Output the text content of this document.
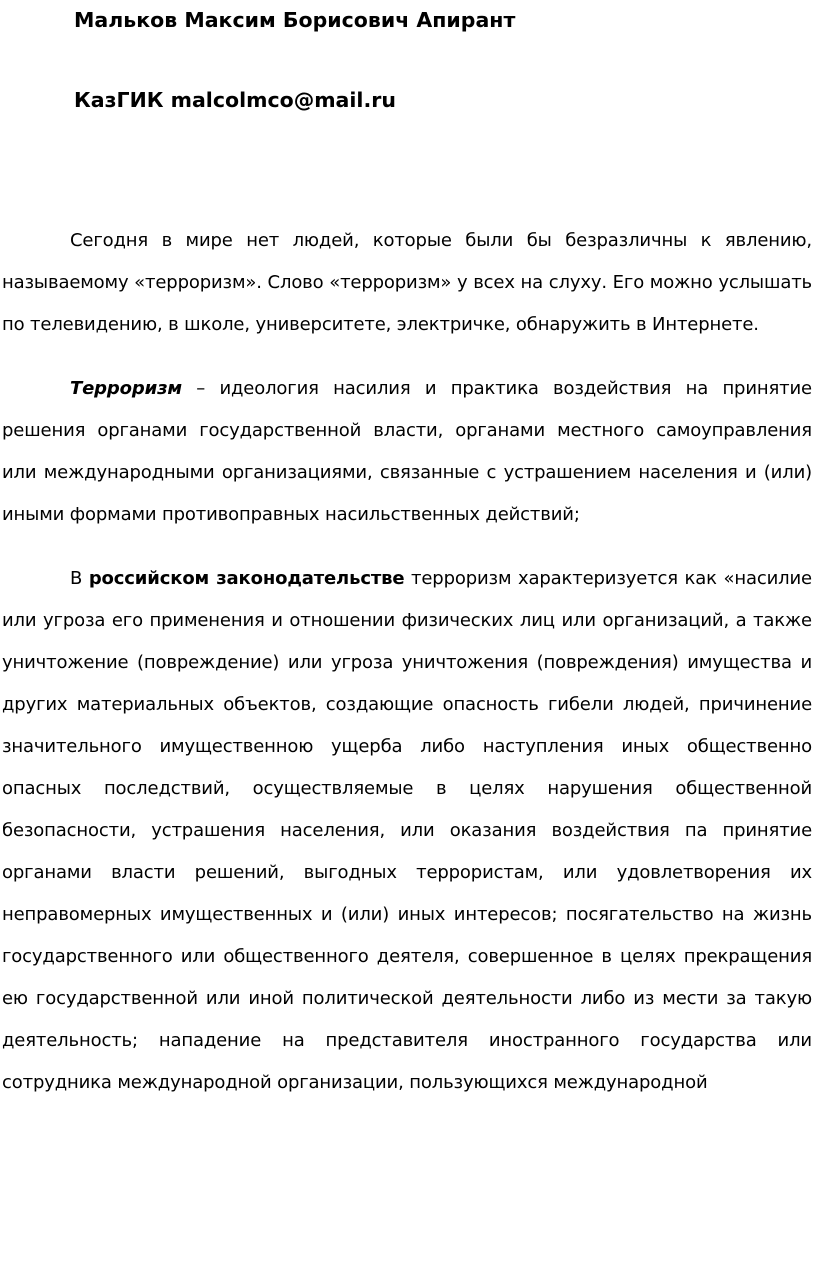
Мальков Максим Борисович Апирант
КазГИК malcolmco@mail.ru

Сегодня в мире нет людей, которые были бы безразличны к явлению, называемому «терроризм». Слово «терроризм» у всех на слуху. Его можно услышать по телевидению, в школе, университете, электричке, обнаружить в Интернете.

Терроризм – идеология насилия и практика воздействия на принятие решения органами государственной власти, органами местного самоуправления или международными организациями, связанные с устрашением населения и (или) иными формами противоправных насильственных действий;

В российском законодательстве терроризм характеризуется как «насилие или угроза его применения и отношении физических лиц или организаций, а также уничтожение (повреждение) или угроза уничтожения (повреждения) имущества и других материальных объектов, создающие опасность гибели людей, причинение значительного имущественною ущерба либо наступления иных общественно опасных последствий, осуществляемые в целях нарушения общественной безопасности, устрашения населения, или оказания воздействия па принятие органами власти решений, выгодных террористам, или удовлетворения их неправомерных имущественных и (или) иных интересов; посягательство на жизнь государственного или общественного деятеля, совершенное в целях прекращения ею государственной или иной политической деятельности либо из мести за такую деятельность; нападение на представителя иностранного государства или сотрудника международной организации, пользующихся международной
